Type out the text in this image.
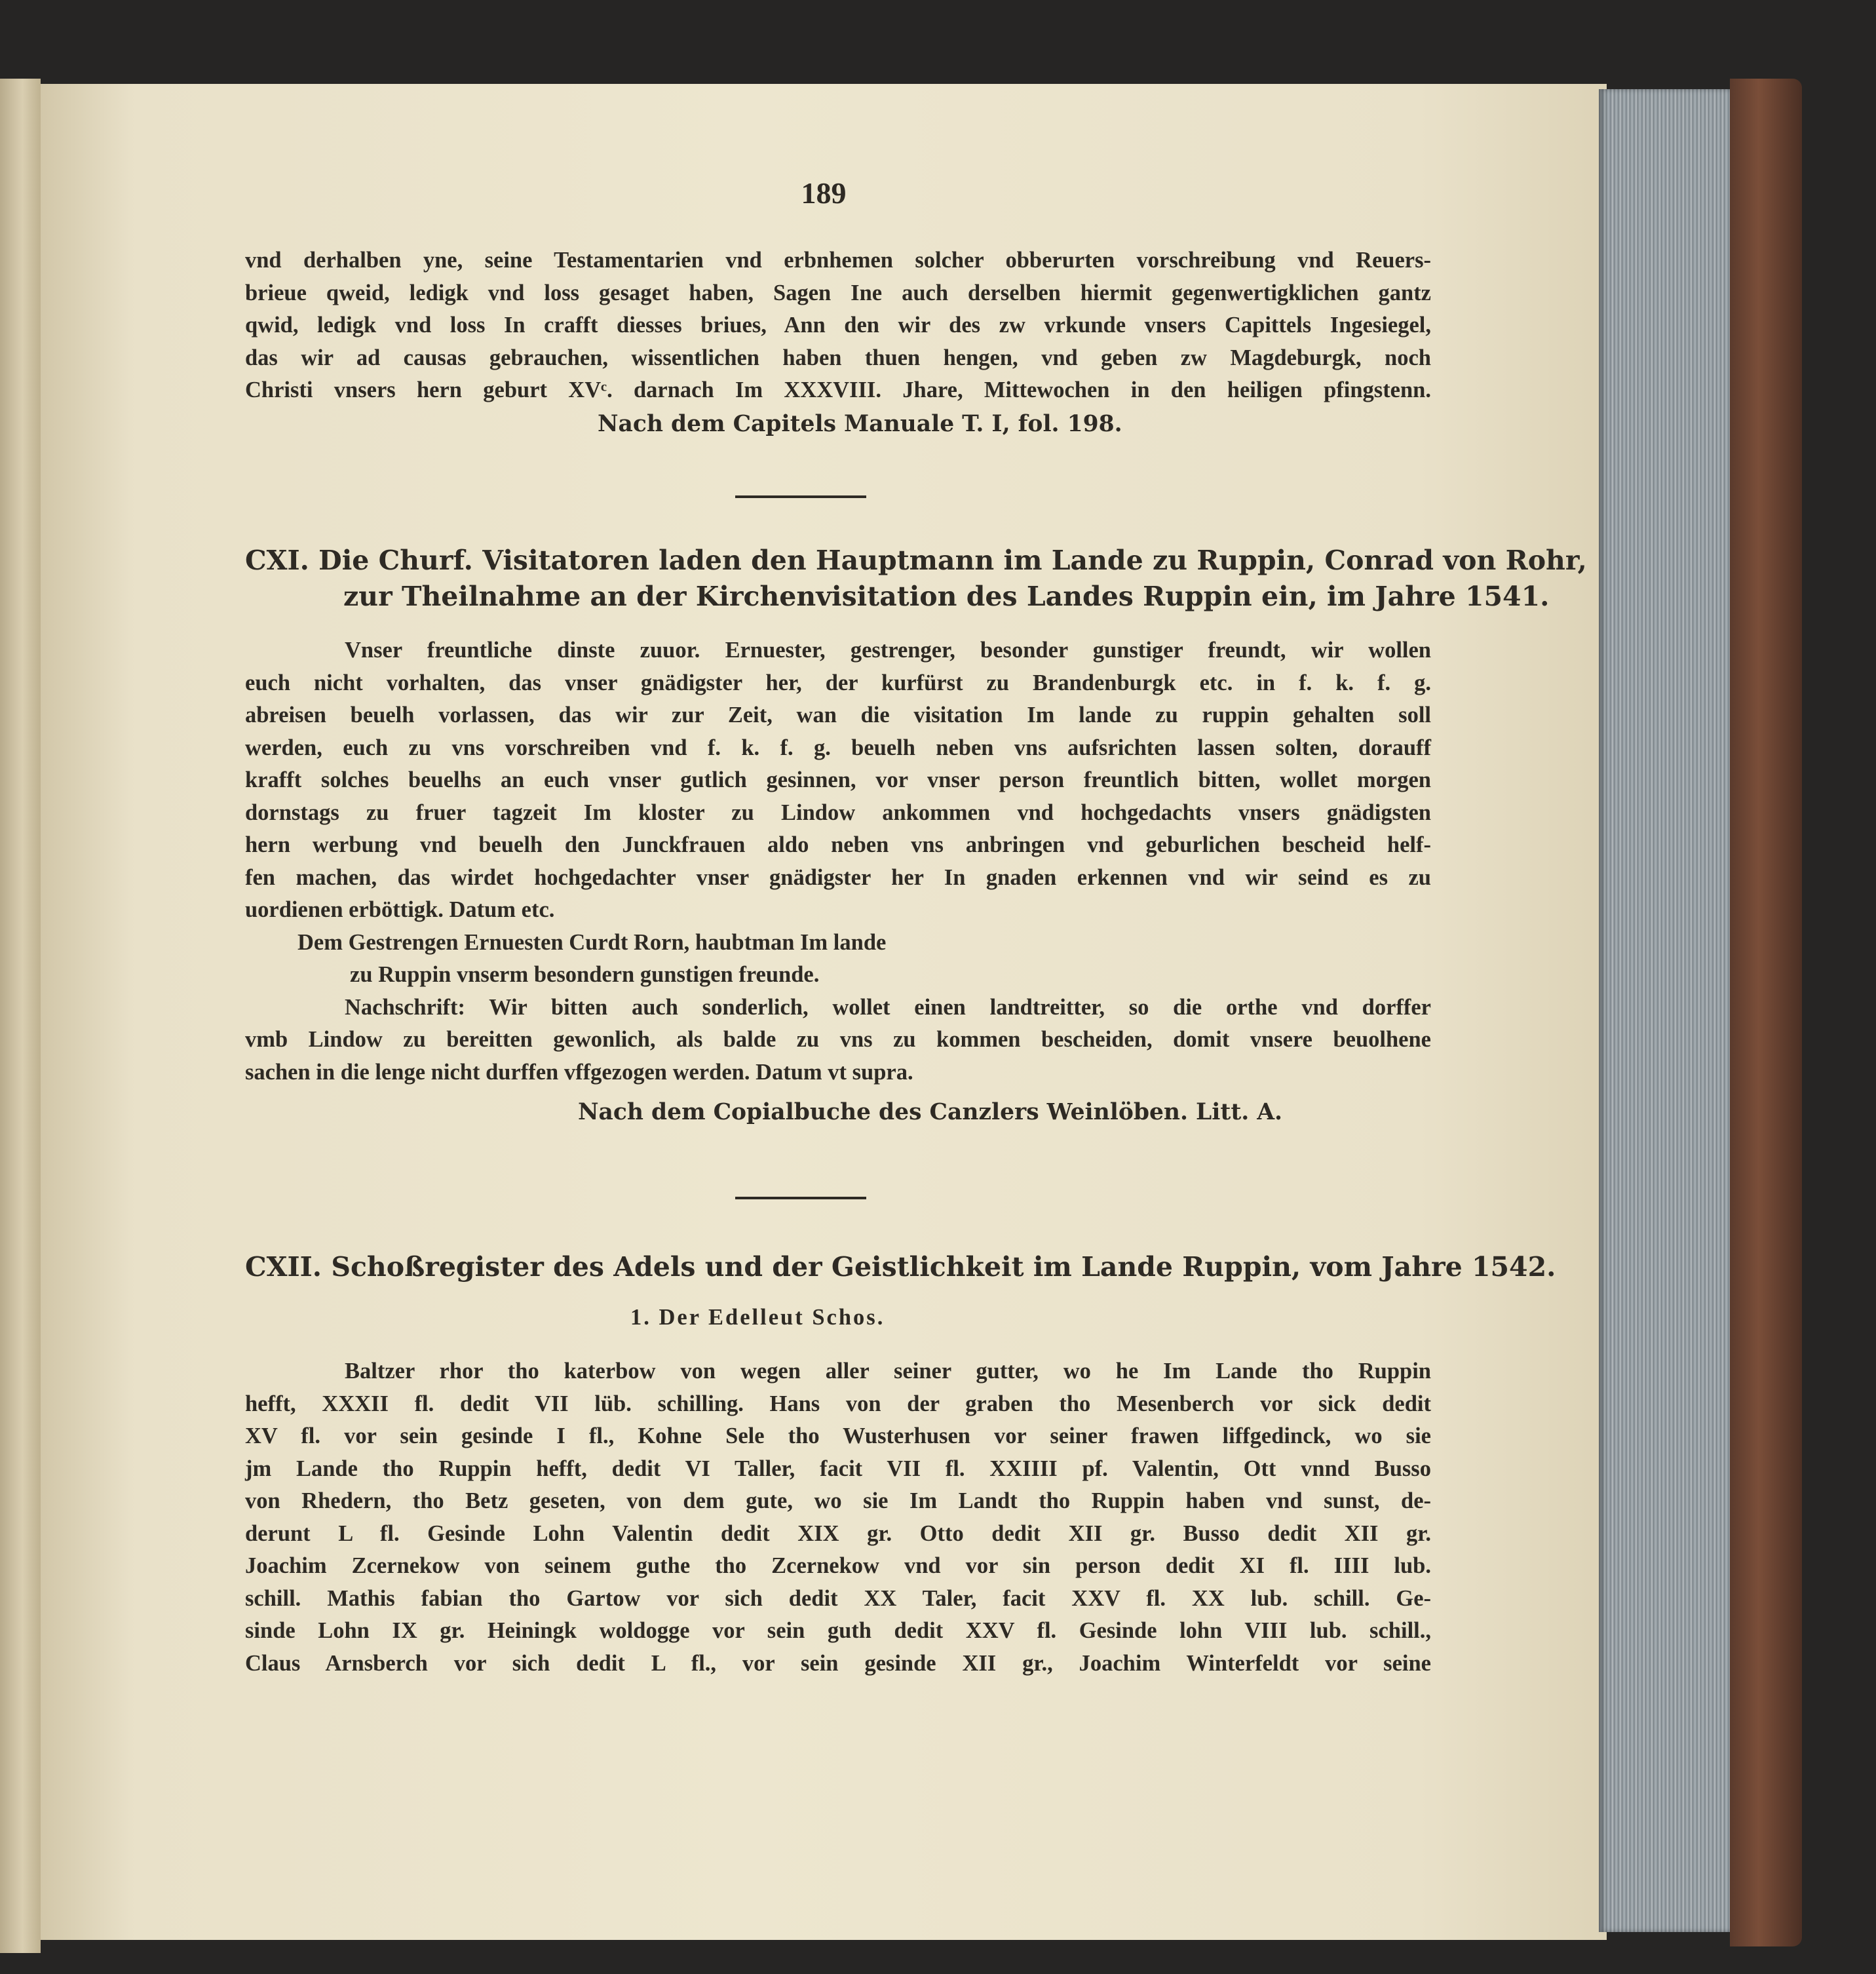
189
vnd derhalben yne, seine Testamentarien vnd erbnhemen solcher obberurten vorschreibung vnd Reuers-
brieue qweid, ledigk vnd loss gesaget haben, Sagen Ine auch derselben hiermit gegenwertigklichen gantz
qwid, ledigk vnd loss In crafft diesses briues, Ann den wir des zw vrkunde vnsers Capittels Ingesiegel,
das wir ad causas gebrauchen, wissentlichen haben thuen hengen, vnd geben zw Magdeburgk, noch
Christi vnsers hern geburt XVᶜ. darnach Im XXXVIII. Jhare, Mittewochen in den heiligen pfingstenn.
Nach dem Capitels Manuale T. I, fol. 198.
CXI. Die Churf. Visitatoren laden den Hauptmann im Lande zu Ruppin, Conrad von Rohr,
zur Theilnahme an der Kirchenvisitation des Landes Ruppin ein, im Jahre 1541.
Vnser freuntliche dinste zuuor. Ernuester, gestrenger, besonder gunstiger freundt, wir wollen
euch nicht vorhalten, das vnser gnädigster her, der kurfürst zu Brandenburgk etc. in f. k. f. g.
abreisen beuelh vorlassen, das wir zur Zeit, wan die visitation Im lande zu ruppin gehalten soll
werden, euch zu vns vorschreiben vnd f. k. f. g. beuelh neben vns aufsrichten lassen solten, dorauff
krafft solches beuelhs an euch vnser gutlich gesinnen, vor vnser person freuntlich bitten, wollet morgen
dornstags zu fruer tagzeit Im kloster zu Lindow ankommen vnd hochgedachts vnsers gnädigsten
hern werbung vnd beuelh den Junckfrauen aldo neben vns anbringen vnd geburlichen bescheid helf-
fen machen, das wirdet hochgedachter vnser gnädigster her In gnaden erkennen vnd wir seind es zu
uordienen erböttigk. Datum etc.
Dem Gestrengen Ernuesten Curdt Rorn, haubtman Im lande
zu Ruppin vnserm besondern gunstigen freunde.
Nachschrift: Wir bitten auch sonderlich, wollet einen landtreitter, so die orthe vnd dorffer
vmb Lindow zu bereitten gewonlich, als balde zu vns zu kommen bescheiden, domit vnsere beuolhene
sachen in die lenge nicht durffen vffgezogen werden. Datum vt supra.
Nach dem Copialbuche des Canzlers Weinlöben. Litt. A.
CXII. Schoßregister des Adels und der Geistlichkeit im Lande Ruppin, vom Jahre 1542.
1. Der Edelleut Schos.
Baltzer rhor tho katerbow von wegen aller seiner gutter, wo he Im Lande tho Ruppin
hefft, XXXII fl. dedit VII lüb. schilling. Hans von der graben tho Mesenberch vor sick dedit
XV fl. vor sein gesinde I fl., Kohne Sele tho Wusterhusen vor seiner frawen liffgedinck, wo sie
jm Lande tho Ruppin hefft, dedit VI Taller, facit VII fl. XXIIII pf. Valentin, Ott vnnd Busso
von Rhedern, tho Betz geseten, von dem gute, wo sie Im Landt tho Ruppin haben vnd sunst, de-
derunt L fl. Gesinde Lohn Valentin dedit XIX gr. Otto dedit XII gr. Busso dedit XII gr.
Joachim Zcernekow von seinem guthe tho Zcernekow vnd vor sin person dedit XI fl. IIII lub.
schill. Mathis fabian tho Gartow vor sich dedit XX Taler, facit XXV fl. XX lub. schill. Ge-
sinde Lohn IX gr. Heiningk woldogge vor sein guth dedit XXV fl. Gesinde lohn VIII lub. schill.,
Claus Arnsberch vor sich dedit L fl., vor sein gesinde XII gr., Joachim Winterfeldt vor seine
